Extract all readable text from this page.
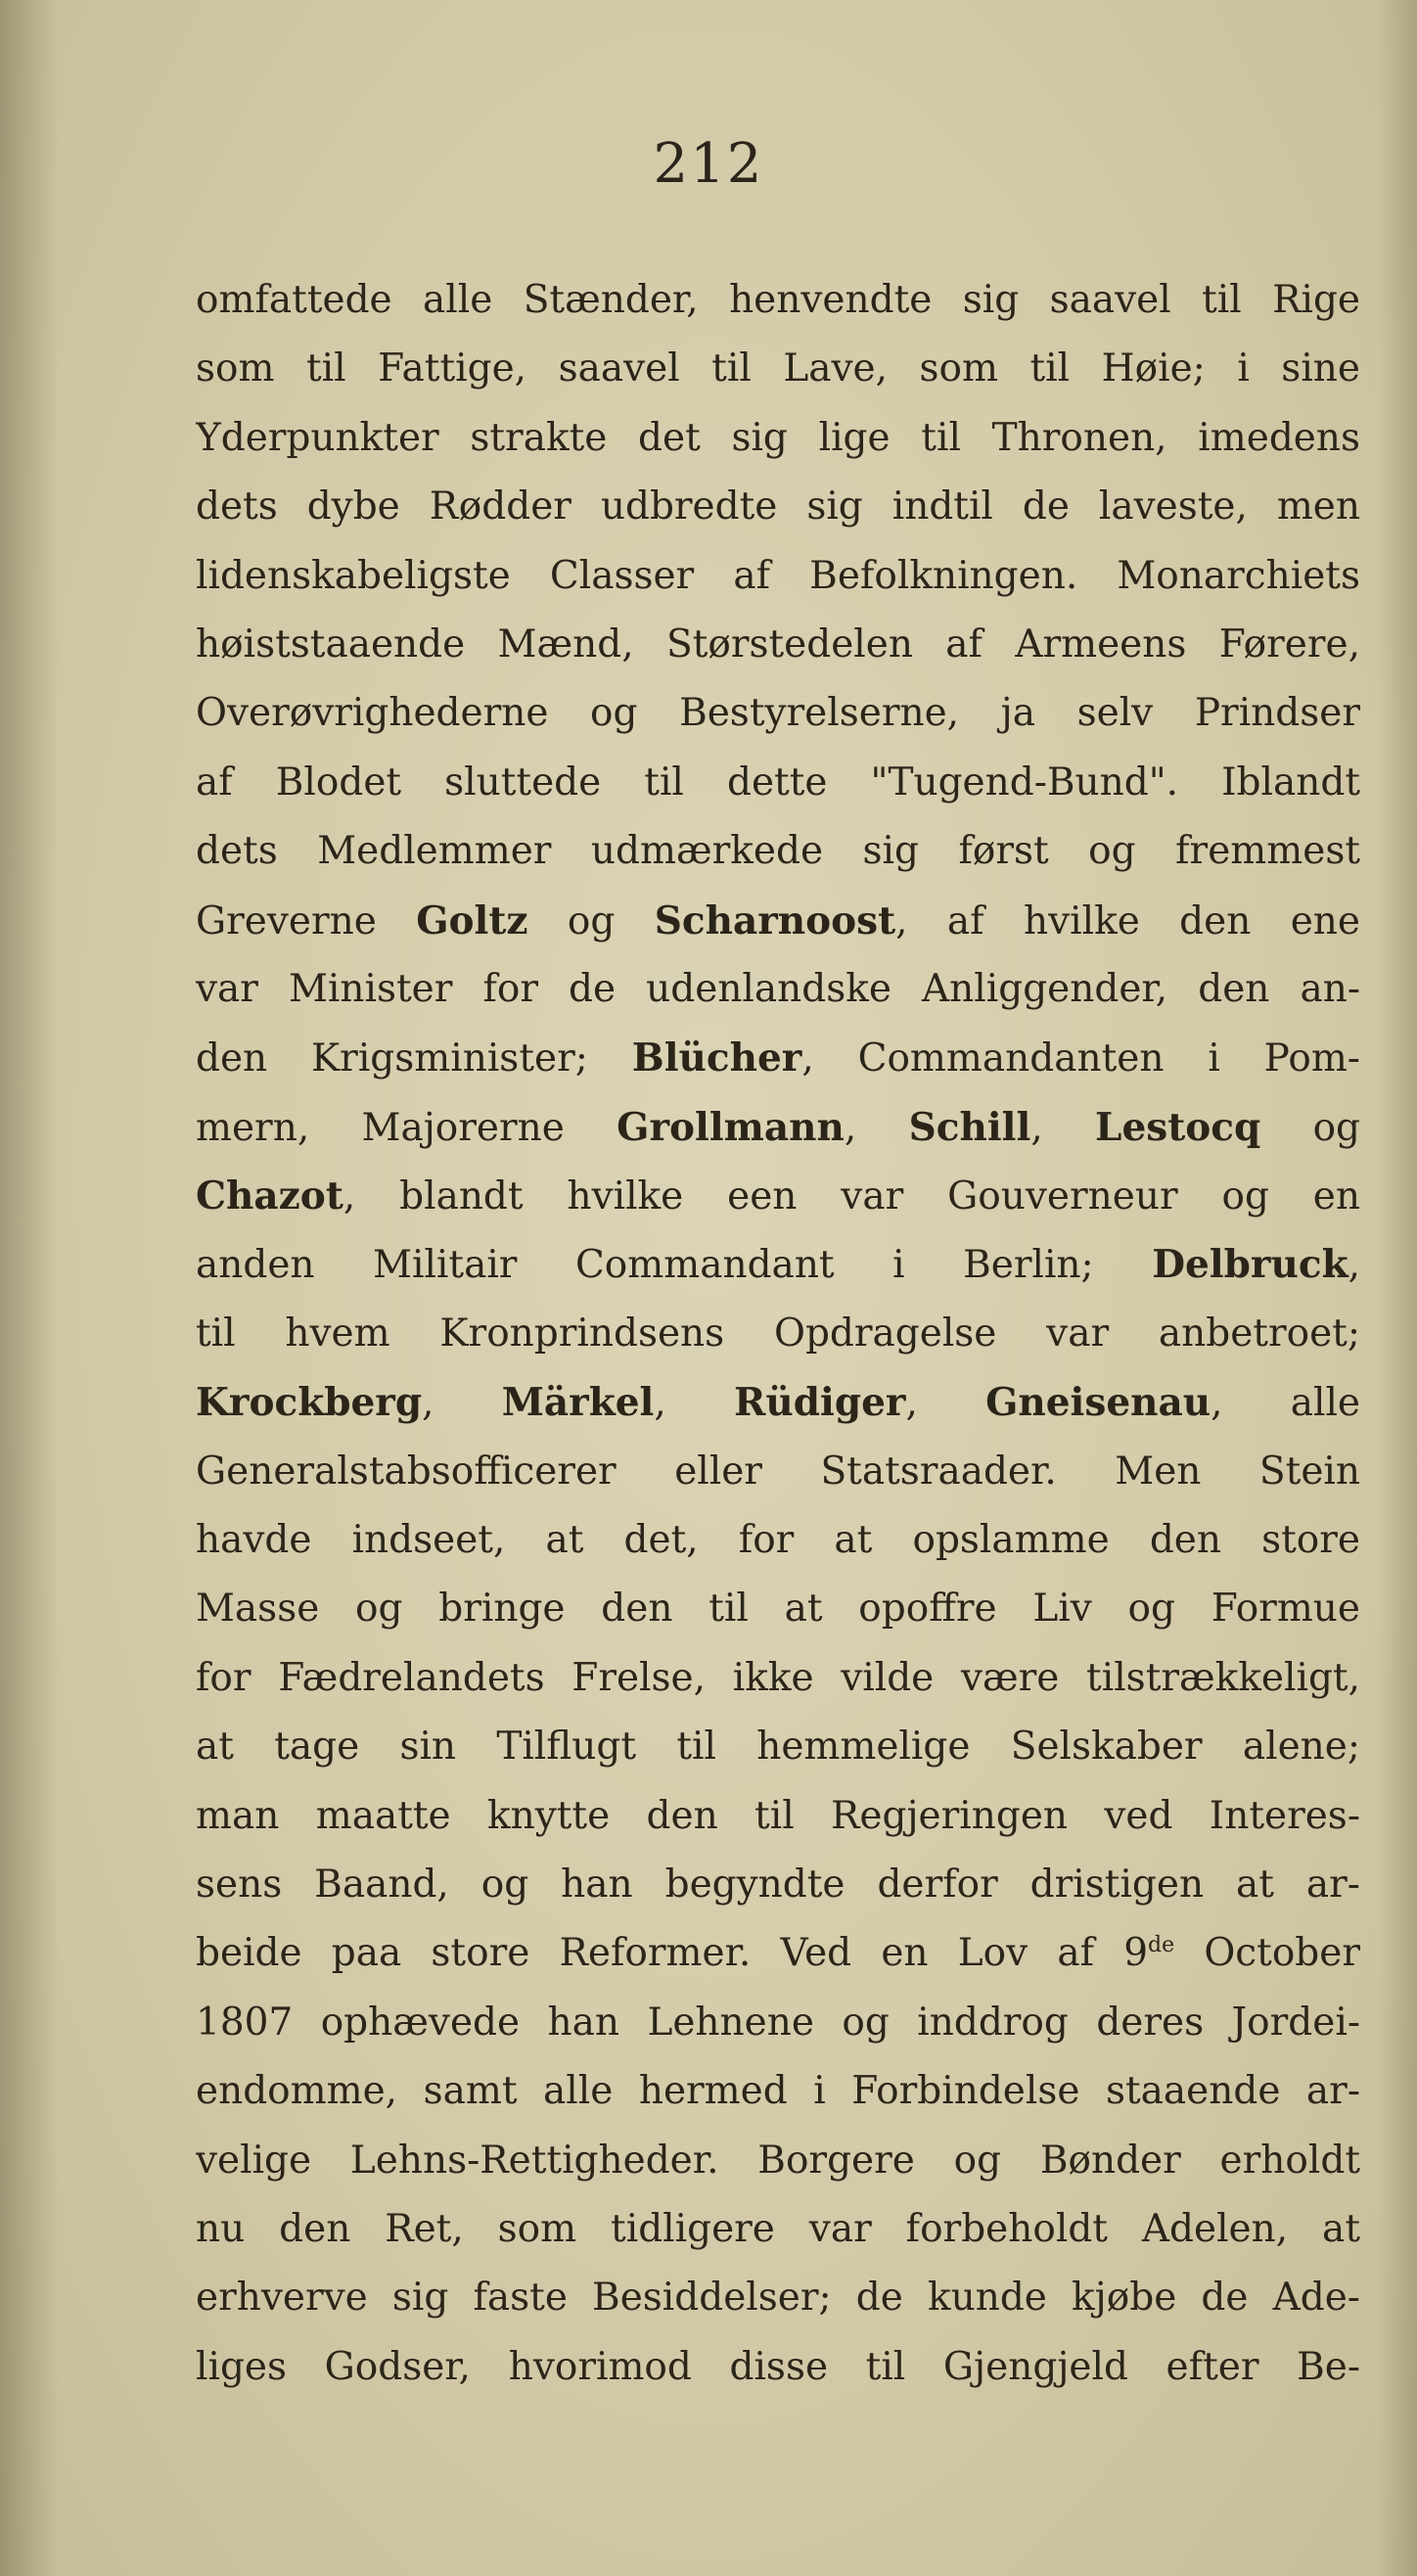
212
omfattede alle Stænder, henvendte sig saavel til Rige
som til Fattige, saavel til Lave, som til Høie; i sine
Yderpunkter strakte det sig lige til Thronen, imedens
dets dybe Rødder udbredte sig indtil de laveste, men
lidenskabeligste Classer af Befolkningen. Monarchiets
høiststaaende Mænd, Størstedelen af Armeens Førere,
Overøvrighederne og Bestyrelserne, ja selv Prindser
af Blodet sluttede til dette "Tugend-Bund". Iblandt
dets Medlemmer udmærkede sig først og fremmest
Greverne Goltz og Scharnoost, af hvilke den ene
var Minister for de udenlandske Anliggender, den an-
den Krigsminister; Blücher, Commandanten i Pom-
mern, Majorerne Grollmann, Schill, Lestocq og
Chazot, blandt hvilke een var Gouverneur og en
anden Militair Commandant i Berlin; Delbruck,
til hvem Kronprindsens Opdragelse var anbetroet;
Krockberg, Märkel, Rüdiger, Gneisenau, alle
Generalstabsofficerer eller Statsraader. Men Stein
havde indseet, at det, for at opslamme den store
Masse og bringe den til at opoffre Liv og Formue
for Fædrelandets Frelse, ikke vilde være tilstrækkeligt,
at tage sin Tilflugt til hemmelige Selskaber alene;
man maatte knytte den til Regjeringen ved Interes-
sens Baand, og han begyndte derfor dristigen at ar-
beide paa store Reformer. Ved en Lov af 9de October
1807 ophævede han Lehnene og inddrog deres Jordei-
endomme, samt alle hermed i Forbindelse staaende ar-
velige Lehns-Rettigheder. Borgere og Bønder erholdt
nu den Ret, som tidligere var forbeholdt Adelen, at
erhverve sig faste Besiddelser; de kunde kjøbe de Ade-
liges Godser, hvorimod disse til Gjengjeld efter Be-
